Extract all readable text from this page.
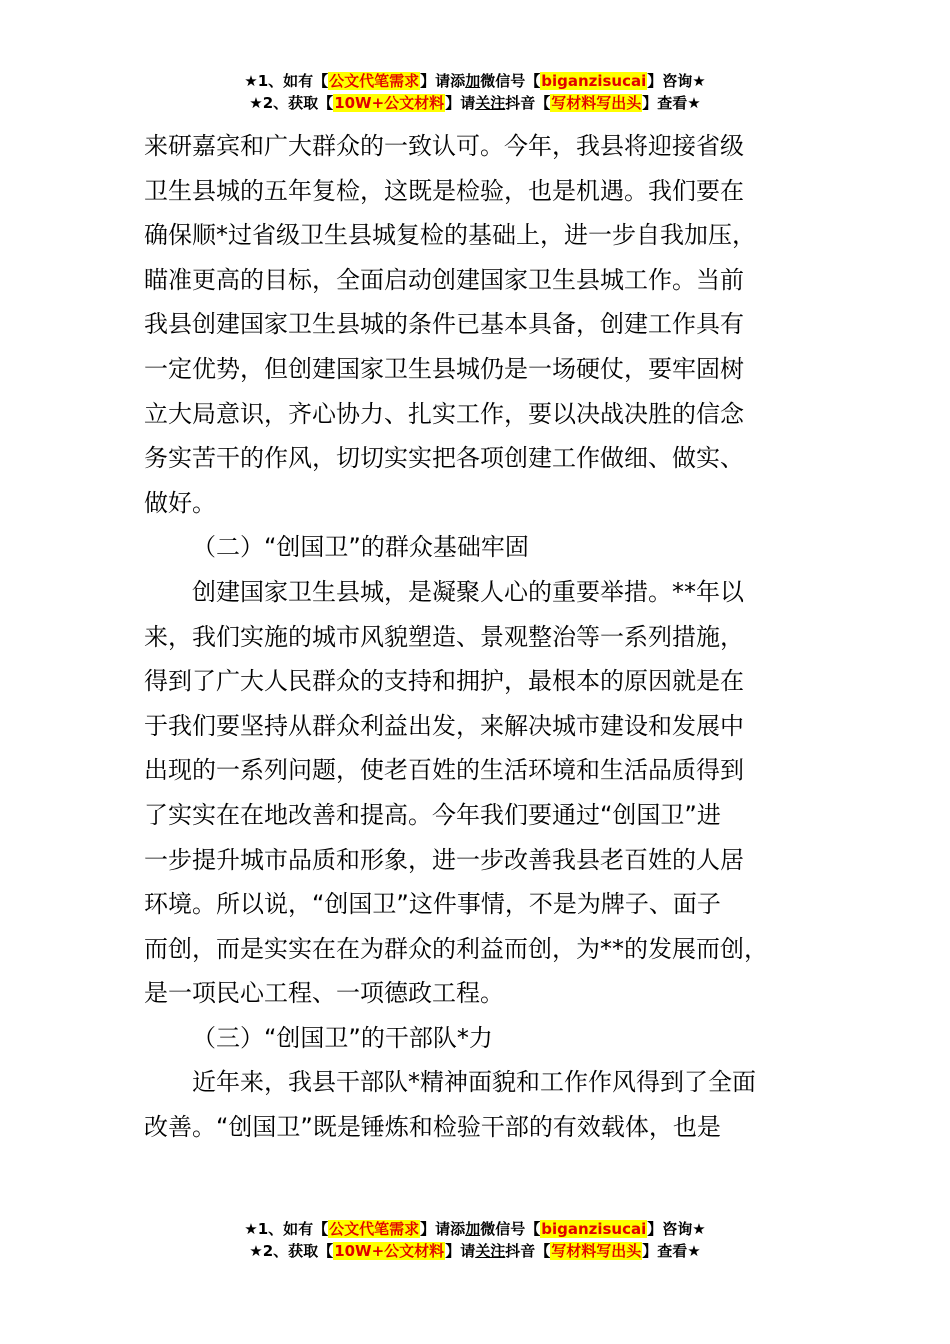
★1、如有【公文代笔需求】请添加微信号【biganzisucai】咨询★
★2、获取【10W+公文材料】请关注抖音【写材料写出头】查看★

来研嘉宾和广大群众的一致认可。今年，我县将迎接省级

卫生县城的五年复检，这既是检验，也是机遇。我们要在

确保顺*过省级卫生县城复检的基础上，进一步自我加压，

瞄准更高的目标，全面启动创建国家卫生县城工作。当前

我县创建国家卫生县城的条件已基本具备，创建工作具有

一定优势，但创建国家卫生县城仍是一场硬仗，要牢固树

立大局意识，齐心协力、扎实工作，要以决战决胜的信念

务实苦干的作风，切切实实把各项创建工作做细、做实、

做好。

（二）“创国卫”的群众基础牢固

创建国家卫生县城，是凝聚人心的重要举措。**年以

来，我们实施的城市风貌塑造、景观整治等一系列措施，

得到了广大人民群众的支持和拥护，最根本的原因就是在

于我们要坚持从群众利益出发，来解决城市建设和发展中

出现的一系列问题，使老百姓的生活环境和生活品质得到

了实实在在地改善和提高。今年我们要通过“创国卫”进

一步提升城市品质和形象，进一步改善我县老百姓的人居

环境。所以说，“创国卫”这件事情，不是为牌子、面子

而创，而是实实在在为群众的利益而创，为**的发展而创，

是一项民心工程、一项德政工程。

（三）“创国卫”的干部队*力

近年来，我县干部队*精神面貌和工作作风得到了全面

改善。“创国卫”既是锤炼和检验干部的有效载体，也是

★1、如有【公文代笔需求】请添加微信号【biganzisucai】咨询★
★2、获取【10W+公文材料】请关注抖音【写材料写出头】查看★
